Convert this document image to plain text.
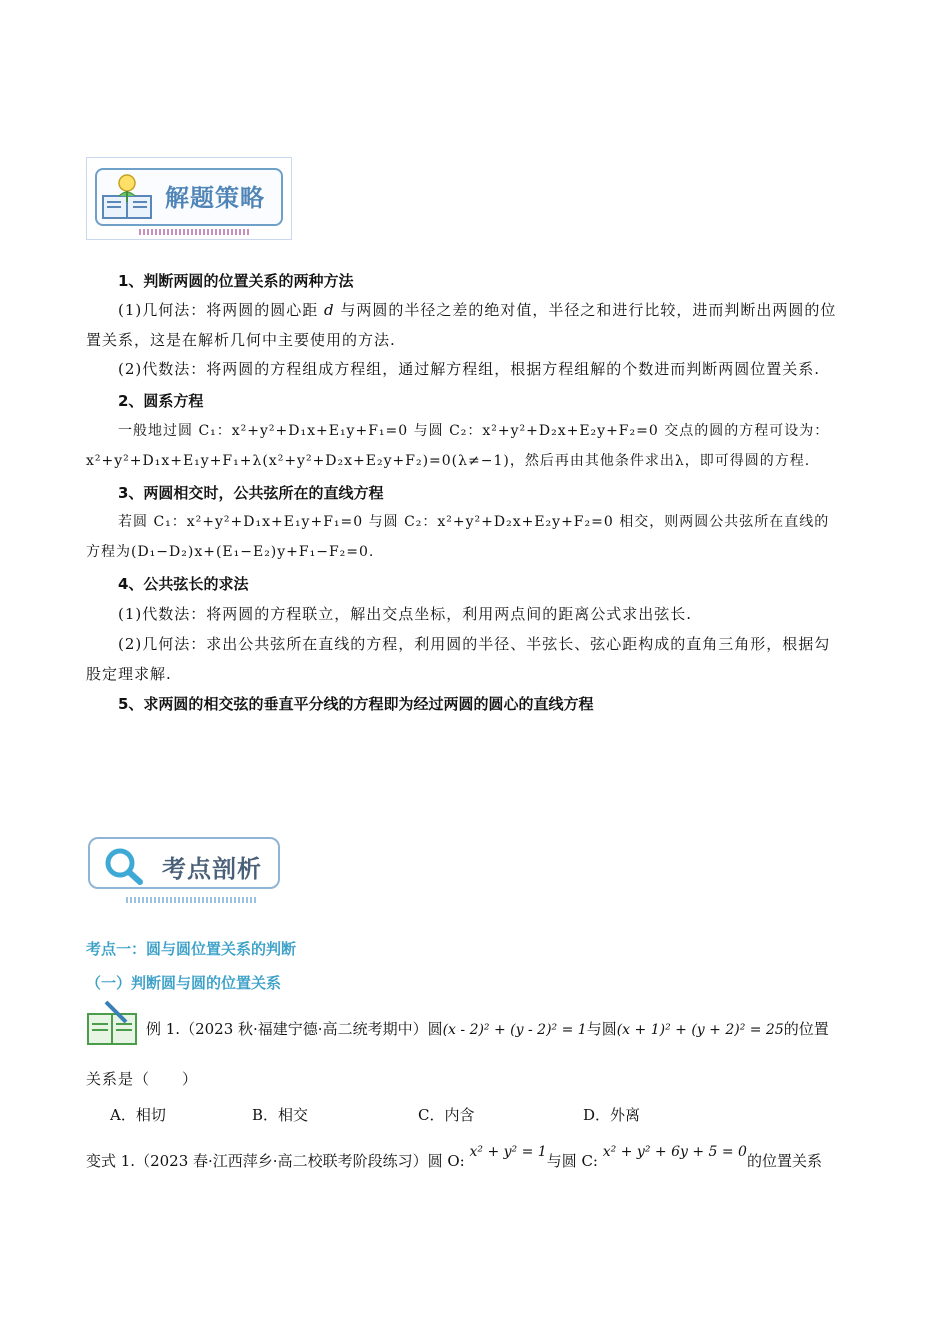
解题策略
1、判断两圆的位置关系的两种方法
(1)几何法：将两圆的圆心距 d 与两圆的半径之差的绝对值，半径之和进行比较，进而判断出两圆的位
置关系，这是在解析几何中主要使用的方法.
(2)代数法：将两圆的方程组成方程组，通过解方程组，根据方程组解的个数进而判断两圆位置关系.
2、圆系方程
一般地过圆 C₁：x²+y²+D₁x+E₁y+F₁=0 与圆 C₂：x²+y²+D₂x+E₂y+F₂=0 交点的圆的方程可设为：
x²+y²+D₁x+E₁y+F₁+λ(x²+y²+D₂x+E₂y+F₂)=0(λ≠−1)，然后再由其他条件求出λ，即可得圆的方程.
3、两圆相交时，公共弦所在的直线方程
若圆 C₁：x²+y²+D₁x+E₁y+F₁=0 与圆 C₂：x²+y²+D₂x+E₂y+F₂=0 相交，则两圆公共弦所在直线的
方程为(D₁−D₂)x+(E₁−E₂)y+F₁−F₂=0.
4、公共弦长的求法
(1)代数法：将两圆的方程联立，解出交点坐标，利用两点间的距离公式求出弦长.
(2)几何法：求出公共弦所在直线的方程，利用圆的半径、半弦长、弦心距构成的直角三角形，根据勾
股定理求解.
5、求两圆的相交弦的垂直平分线的方程即为经过两圆的圆心的直线方程
考点剖析
考点一：圆与圆位置关系的判断
（一）判断圆与圆的位置关系
例 1.（2023 秋·福建宁德·高二统考期中）圆(x - 2)² + (y - 2)² = 1与圆(x + 1)² + (y + 2)² = 25的位置
关系是（　　）
A．相切	B．相交	C．内含	D．外离
变式 1.（2023 春·江西萍乡·高二校联考阶段练习）圆 O: x² + y² = 1与圆 C: x² + y² + 6y + 5 = 0的位置关系
